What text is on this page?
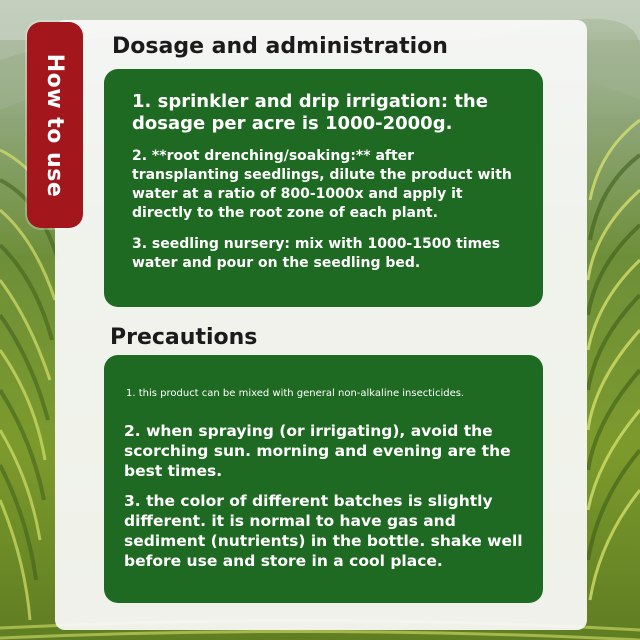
How to use
Dosage and administration

1. sprinkler and drip irrigation: the dosage per acre is 1000-2000g.

2. **root drenching/soaking:** after transplanting seedlings, dilute the product with water at a ratio of 800-1000x and apply it directly to the root zone of each plant.

3. seedling nursery: mix with 1000-1500 times water and pour on the seedling bed.

Precautions

1. this product can be mixed with general non-alkaline insecticides.

2. when spraying (or irrigating), avoid the scorching sun. morning and evening are the best times.

3. the color of different batches is slightly different. it is normal to have gas and sediment (nutrients) in the bottle. shake well before use and store in a cool place.
